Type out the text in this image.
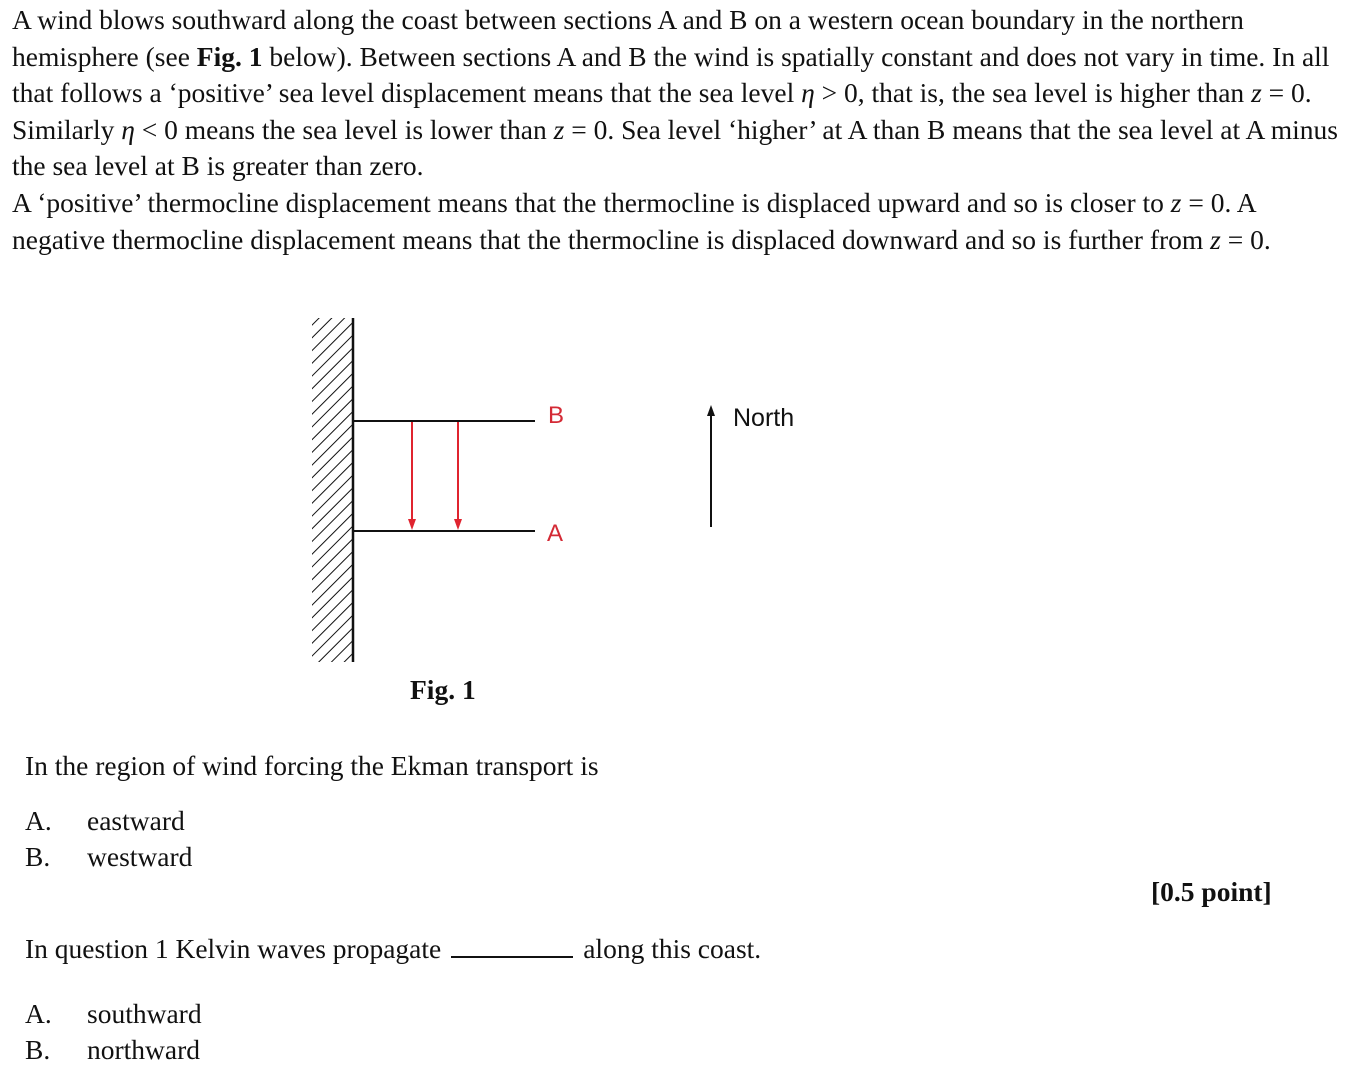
A wind blows southward along the coast between sections A and B on a western ocean boundary in the northern hemisphere (see Fig. 1 below). Between sections A and B the wind is spatially constant and does not vary in time. In all that follows a ‘positive’ sea level displacement means that the sea level η > 0, that is, the sea level is higher than z = 0. Similarly η < 0 means the sea level is lower than z = 0. Sea level ‘higher’ at A than B means that the sea level at A minus the sea level at B is greater than zero.

A ‘positive’ thermocline displacement means that the thermocline is displaced upward and so is closer to z = 0. A negative thermocline displacement means that the thermocline is displaced downward and so is further from z = 0.

B
A
North
Fig. 1
In the region of wind forcing the Ekman transport is
A. eastward
B. westward
[0.5 point]
In question 1 Kelvin waves propagate	along this coast.
A. southward
B. northward
